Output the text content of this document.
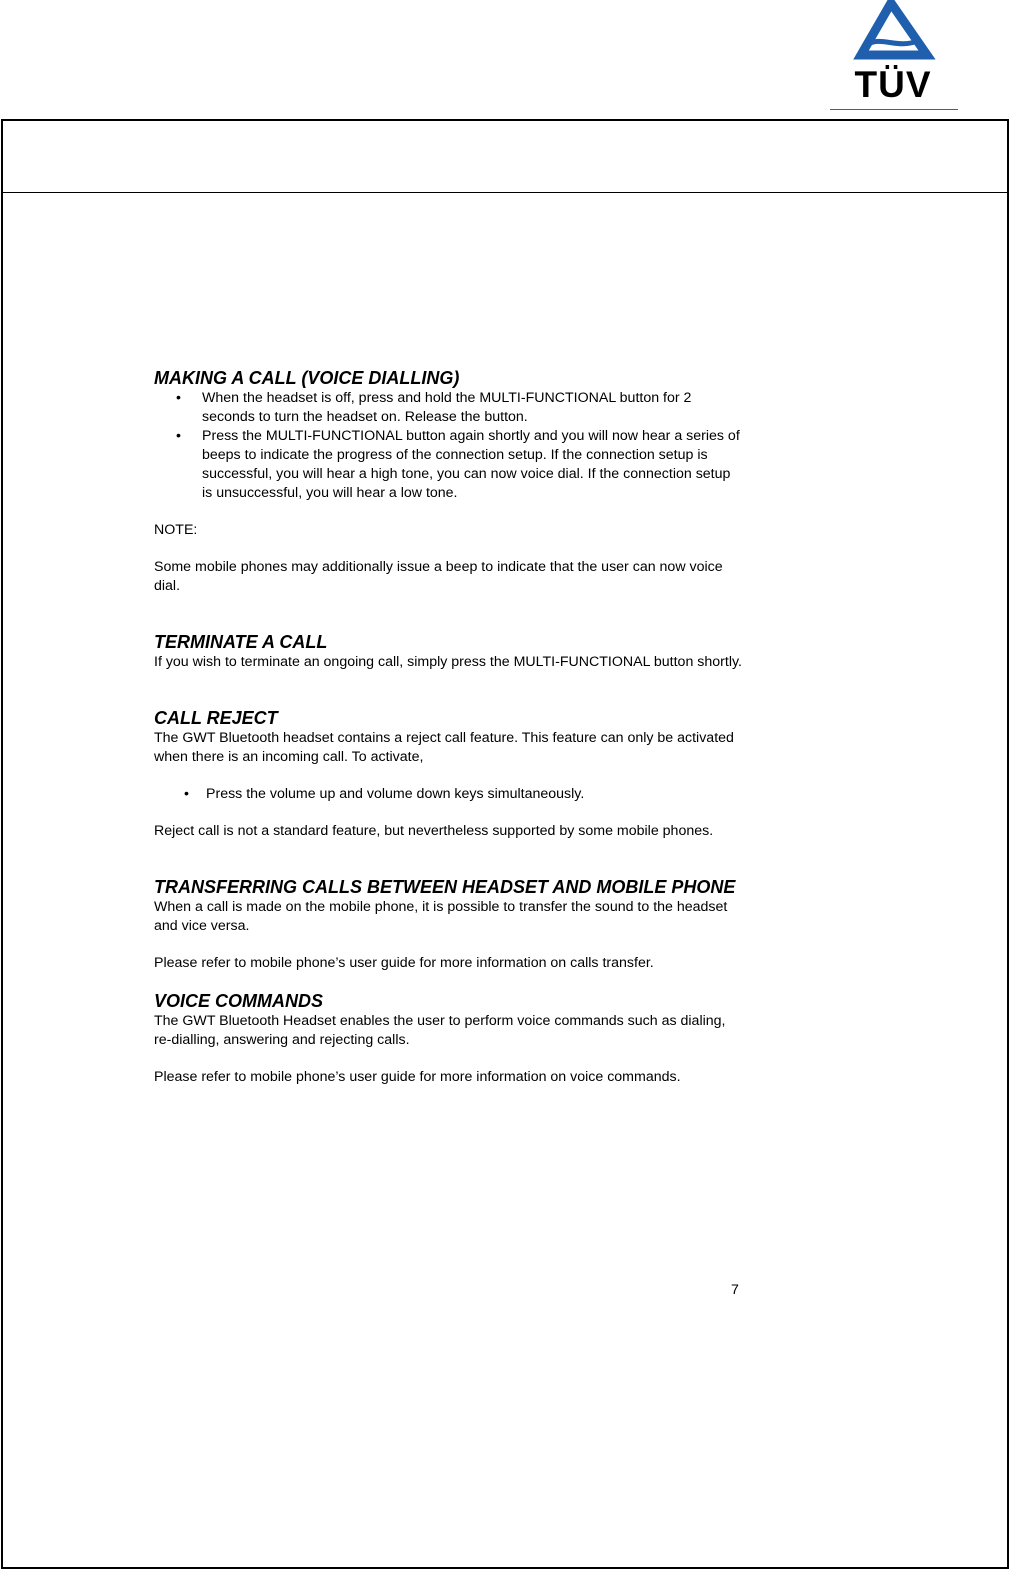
TÜV
MAKING A CALL (VOICE DIALLING)
• When the headset is off, press and hold the MULTI-FUNCTIONAL button for 2 seconds to turn the headset on. Release the button.
• Press the MULTI-FUNCTIONAL button again shortly and you will now hear a series of beeps to indicate the progress of the connection setup. If the connection setup is successful, you will hear a high tone, you can now voice dial. If the connection setup is unsuccessful, you will hear a low tone.

NOTE:

Some mobile phones may additionally issue a beep to indicate that the user can now voice dial.

TERMINATE A CALL

If you wish to terminate an ongoing call, simply press the MULTI-FUNCTIONAL button shortly.

CALL REJECT

The GWT Bluetooth headset contains a reject call feature. This feature can only be activated when there is an incoming call. To activate,

• Press the volume up and volume down keys simultaneously.

Reject call is not a standard feature, but nevertheless supported by some mobile phones.

TRANSFERRING CALLS BETWEEN HEADSET AND MOBILE PHONE

When a call is made on the mobile phone, it is possible to transfer the sound to the headset and vice versa.

Please refer to mobile phone’s user guide for more information on calls transfer.

VOICE COMMANDS

The GWT Bluetooth Headset enables the user to perform voice commands such as dialing, re-dialling, answering and rejecting calls.

Please refer to mobile phone’s user guide for more information on voice commands.

7
